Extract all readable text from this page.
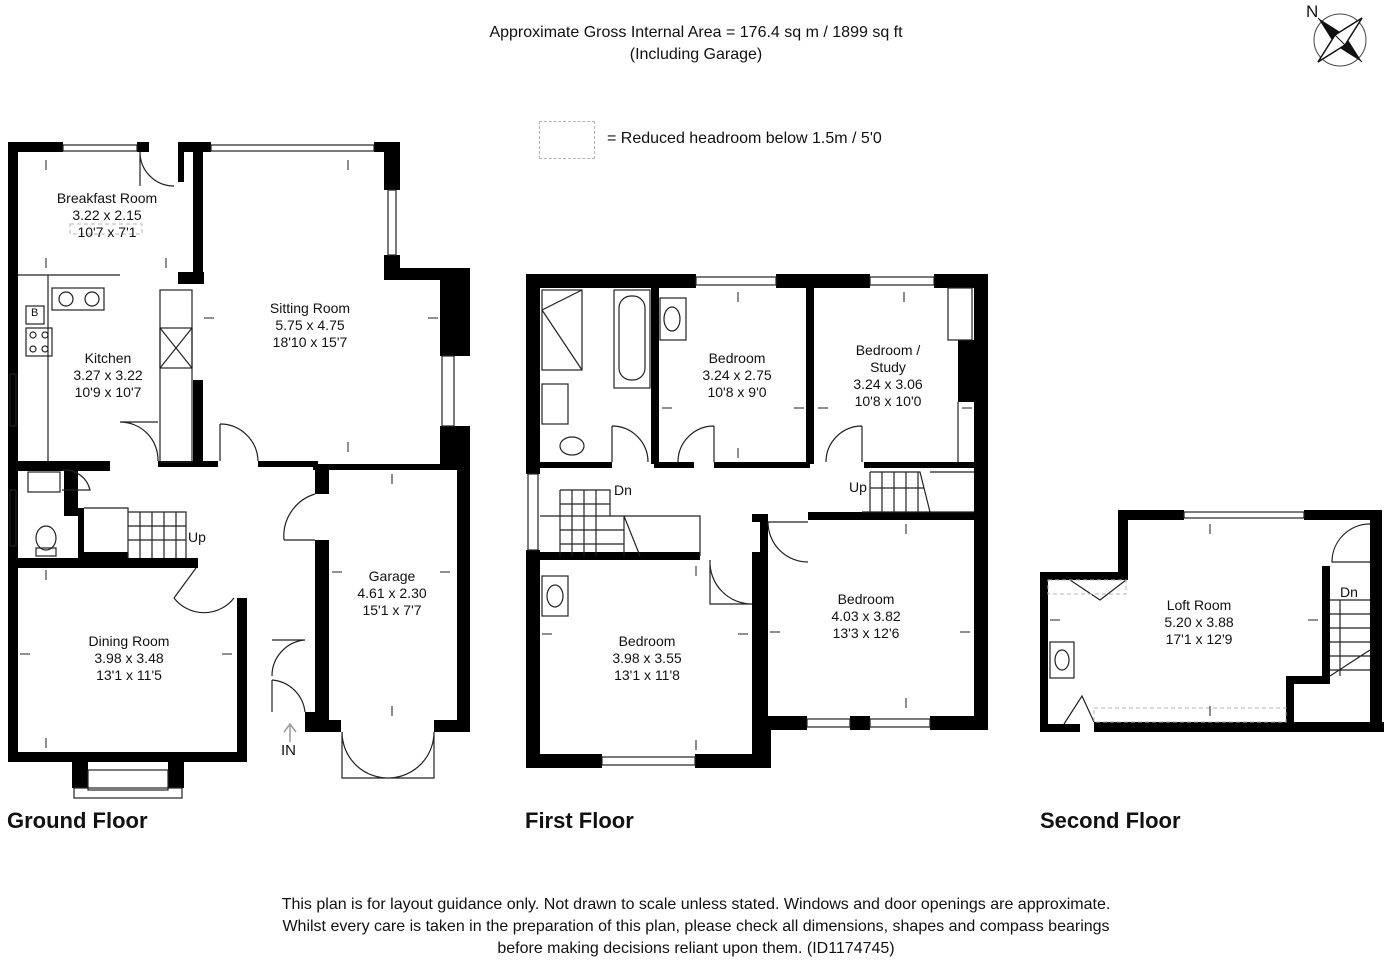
Approximate Gross Internal Area = 176.4 sq m / 1899 sq ft
(Including Garage)
= Reduced headroom below 1.5m / 5'0
N
Breakfast Room
3.22 x 2.15
10'7 x 7'1
Kitchen
3.27 x 3.22
10'9 x 10'7
Sitting Room
5.75 x 4.75
18'10 x 15'7
Garage
4.61 x 2.30
15'1 x 7'7
Dining Room
3.98 x 3.48
13'1 x 11'5
B
Up
IN
Bedroom
3.24 x 2.75
10'8 x 9'0
Bedroom /
Study
3.24 x 3.06
10'8 x 10'0
Bedroom
3.98 x 3.55
13'1 x 11'8
Bedroom
4.03 x 3.82
13'3 x 12'6
Dn	Up
Loft Room
5.20 x 3.88
17'1 x 12'9
Dn
Ground Floor	First Floor	Second Floor
This plan is for layout guidance only. Not drawn to scale unless stated. Windows and door openings are approximate.
Whilst every care is taken in the preparation of this plan, please check all dimensions, shapes and compass bearings
before making decisions reliant upon them. (ID1174745)
